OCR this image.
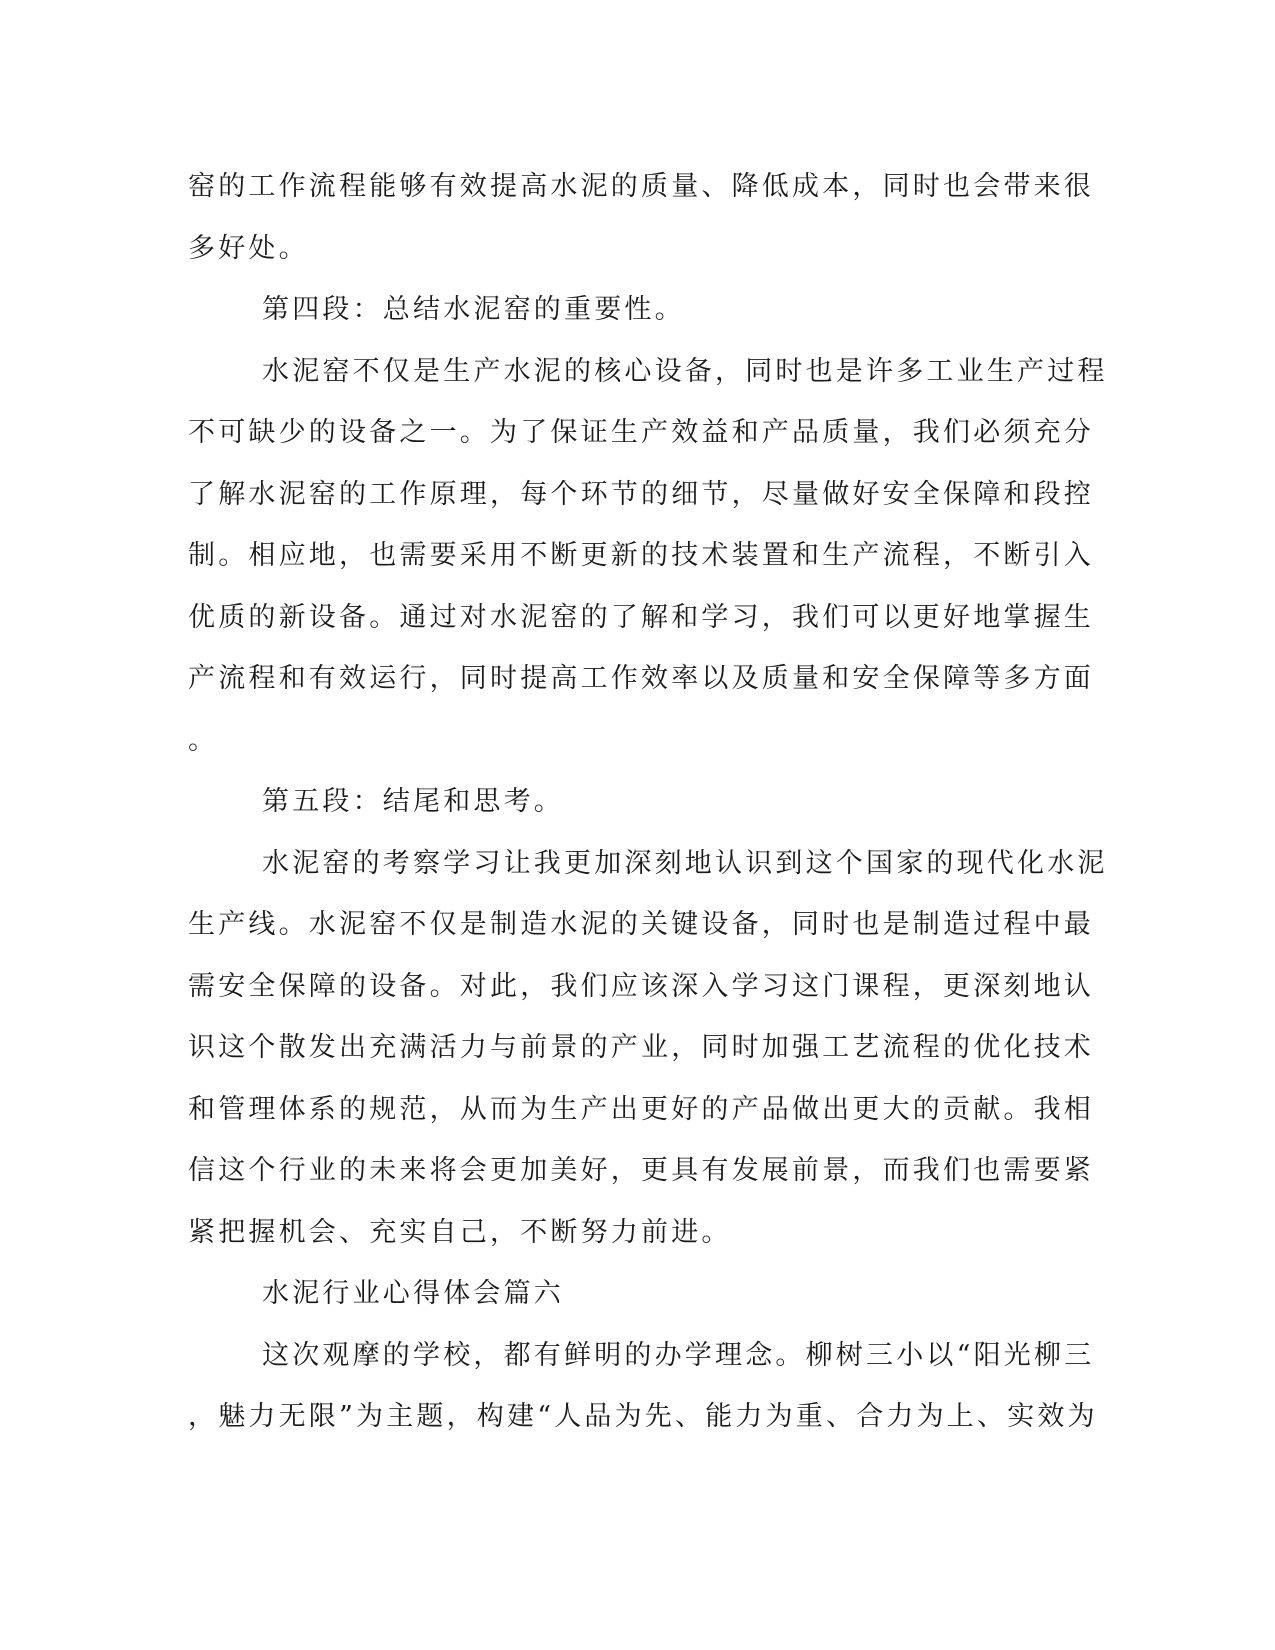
窑的工作流程能够有效提高水泥的质量、降低成本，同时也会带来很
多好处。
第四段：总结水泥窑的重要性。
水泥窑不仅是生产水泥的核心设备，同时也是许多工业生产过程
不可缺少的设备之一。为了保证生产效益和产品质量，我们必须充分
了解水泥窑的工作原理，每个环节的细节，尽量做好安全保障和段控
制。相应地，也需要采用不断更新的技术装置和生产流程，不断引入
优质的新设备。通过对水泥窑的了解和学习，我们可以更好地掌握生
产流程和有效运行，同时提高工作效率以及质量和安全保障等多方面
。
第五段：结尾和思考。
水泥窑的考察学习让我更加深刻地认识到这个国家的现代化水泥
生产线。水泥窑不仅是制造水泥的关键设备，同时也是制造过程中最
需安全保障的设备。对此，我们应该深入学习这门课程，更深刻地认
识这个散发出充满活力与前景的产业，同时加强工艺流程的优化技术
和管理体系的规范，从而为生产出更好的产品做出更大的贡献。我相
信这个行业的未来将会更加美好，更具有发展前景，而我们也需要紧
紧把握机会、充实自己，不断努力前进。
水泥行业心得体会篇六
这次观摩的学校，都有鲜明的办学理念。柳树三小以“阳光柳三
，魅力无限”为主题，构建“人品为先、能力为重、合力为上、实效为
